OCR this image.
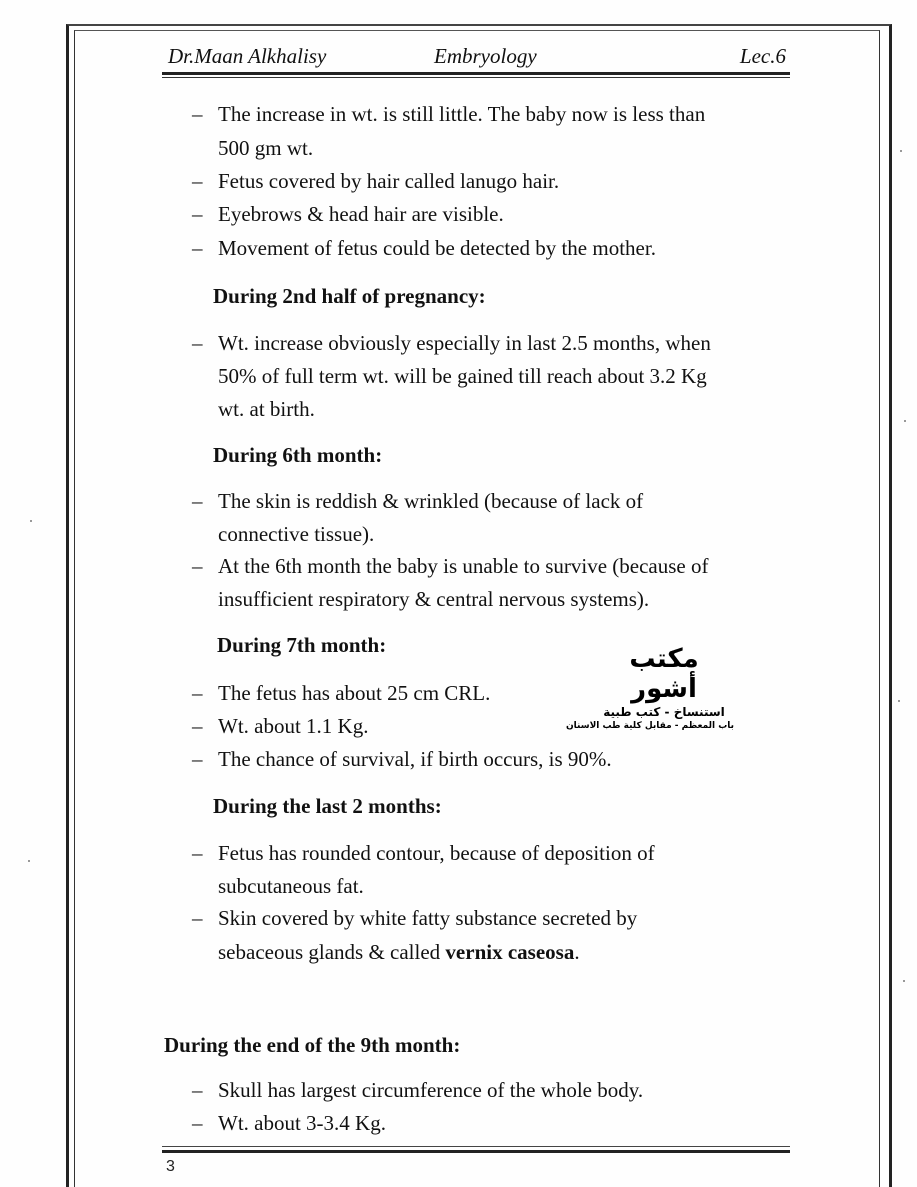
Dr.Maan Alkhalisy	Embryology	Lec.6
– The increase in wt. is still little. The baby now is less than
500 gm wt.
– Fetus covered by hair called lanugo hair.
– Eyebrows & head hair are visible.
– Movement of fetus could be detected by the mother.
During 2nd half of pregnancy:
– Wt. increase obviously especially in last 2.5 months, when
50% of full term wt. will be gained till reach about 3.2 Kg
wt. at birth.
During 6th month:
– The skin is reddish & wrinkled (because of lack of
connective tissue).
– At the 6th month the baby is unable to survive (because of
insufficient respiratory & central nervous systems).
During 7th month:
– The fetus has about 25 cm CRL.
– Wt. about 1.1 Kg.
– The chance of survival, if birth occurs, is 90%.
مكتب أشور
استنساخ - كتب طبية
باب المعظم - مقابل كلية طب الاسنان
During the last 2 months:
– Fetus has rounded contour, because of deposition of
subcutaneous fat.
– Skin covered by white fatty substance secreted by
sebaceous glands & called vernix caseosa.
During the end of the 9th month:
– Skull has largest circumference of the whole body.
– Wt. about 3-3.4 Kg.
3
